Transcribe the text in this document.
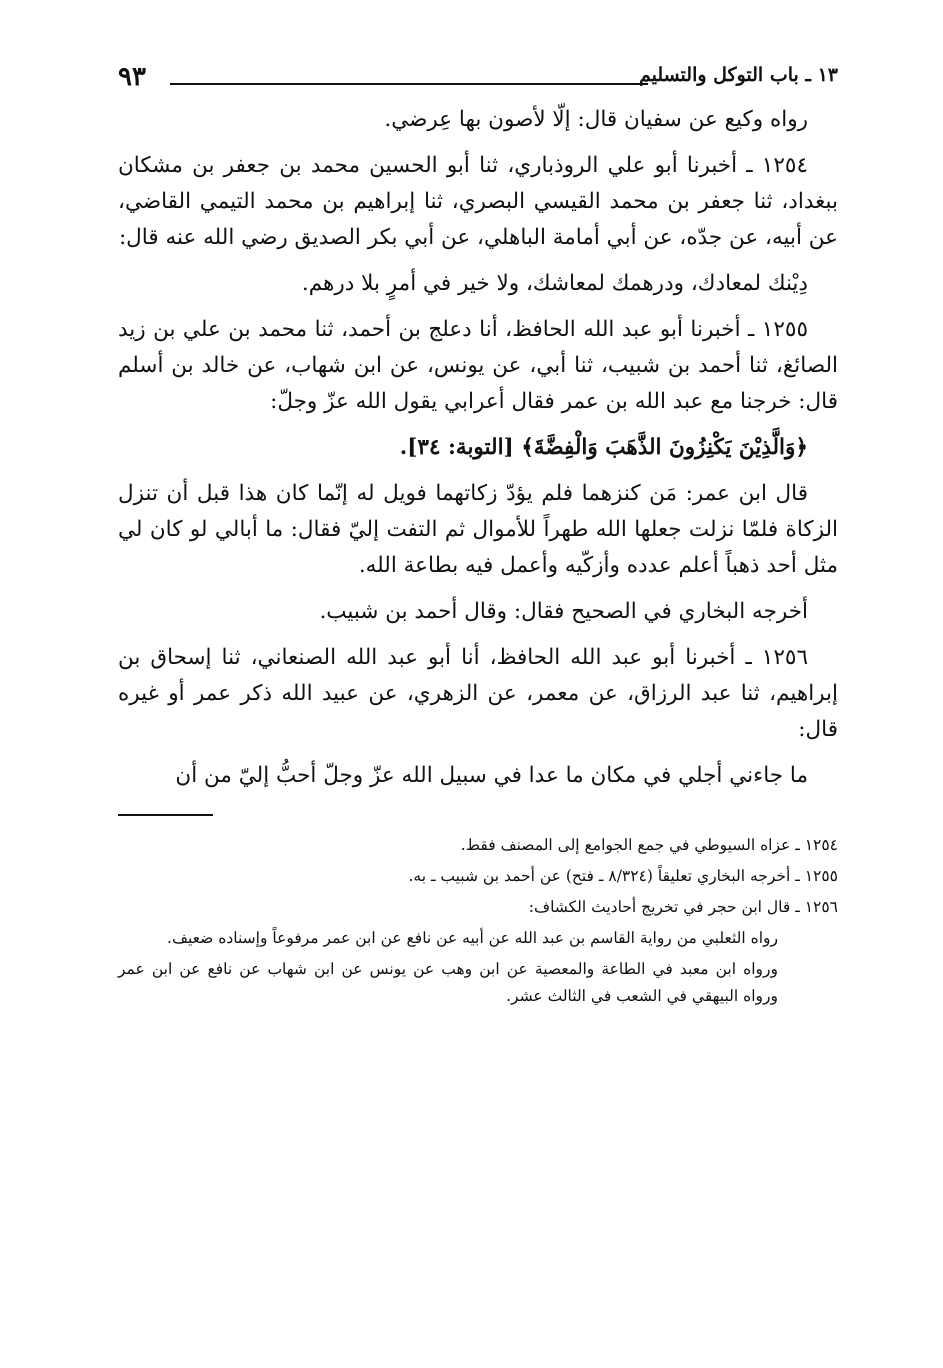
١٣ ـ باب التوكل والتسليم
٩٣

رواه وكيع عن سفيان قال: إلّا لأصون بها عِرضي.

١٢٥٤ ـ أخبرنا أبو علي الروذباري، ثنا أبو الحسين محمد بن جعفر بن مشكان ببغداد، ثنا جعفر بن محمد القيسي البصري، ثنا إبراهيم بن محمد التيمي القاضي، عن أبيه، عن جدّه، عن أبي أمامة الباهلي، عن أبي بكر الصديق رضي الله عنه قال:

دِيْنك لمعادك، ودرهمك لمعاشك، ولا خير في أمرٍ بلا درهم.

١٢٥٥ ـ أخبرنا أبو عبد الله الحافظ، أنا دعلج بن أحمد، ثنا محمد بن علي بن زيد الصائغ، ثنا أحمد بن شبيب، ثنا أبي، عن يونس، عن ابن شهاب، عن خالد بن أسلم قال: خرجنا مع عبد الله بن عمر فقال أعرابي يقول الله عزّ وجلّ:

﴿وَالَّذِيْنَ يَكْنِزُونَ الذَّهَبَ وَالْفِضَّةَ﴾ [التوبة: ٣٤].

قال ابن عمر: مَن كنزهما فلم يؤدّ زكاتهما فويل له إنّما كان هذا قبل أن تنزل الزكاة فلمّا نزلت جعلها الله طهراً للأموال ثم التفت إليّ فقال: ما أبالي لو كان لي مثل أحد ذهباً أعلم عدده وأزكّيه وأعمل فيه بطاعة الله.

أخرجه البخاري في الصحيح فقال: وقال أحمد بن شبيب.

١٢٥٦ ـ أخبرنا أبو عبد الله الحافظ، أنا أبو عبد الله الصنعاني، ثنا إسحاق بن إبراهيم، ثنا عبد الرزاق، عن معمر، عن الزهري، عن عبيد الله ذكر عمر أو غيره قال:

ما جاءني أجلي في مكان ما عدا في سبيل الله عزّ وجلّ أحبُّ إليّ من أن

١٢٥٤ ـ عزاه السيوطي في جمع الجوامع إلى المصنف فقط.

١٢٥٥ ـ أخرجه البخاري تعليقاً (٨/٣٢٤ ـ فتح) عن أحمد بن شبيب ـ به.

١٢٥٦ ـ قال ابن حجر في تخريج أحاديث الكشاف:

رواه الثعلبي من رواية القاسم بن عبد الله عن أبيه عن نافع عن ابن عمر مرفوعاً وإسناده ضعيف.

ورواه ابن معبد في الطاعة والمعصية عن ابن وهب عن يونس عن ابن شهاب عن نافع عن ابن عمر ورواه البيهقي في الشعب في الثالث عشر.
